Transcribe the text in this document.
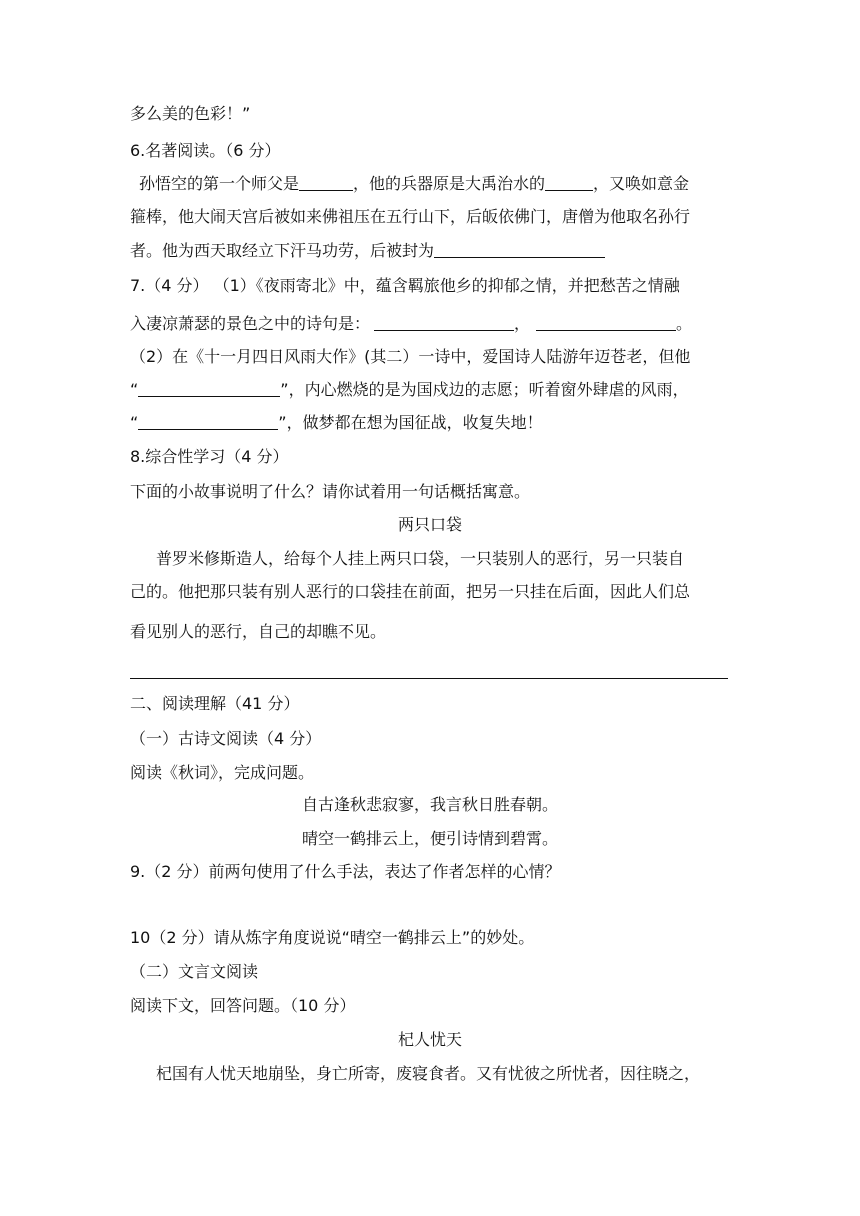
多么美的色彩！”
6.名著阅读。（6 分）
孙悟空的第一个师父是	，他的兵器原是大禹治水的	，又唤如意金
箍棒，他大闹天宫后被如来佛祖压在五行山下，后皈依佛门，唐僧为他取名孙行
者。他为西天取经立下汗马功劳，后被封为
7.（4 分） （1）《夜雨寄北》中，蕴含羁旅他乡的抑郁之情，并把愁苦之情融
入凄凉萧瑟的景色之中的诗句是：	，	。
（2）在《十一月四日风雨大作》(其二）一诗中，爱国诗人陆游年迈苍老，但他
“	”，内心燃烧的是为国戍边的志愿；听着窗外肆虐的风雨，
“	”，做梦都在想为国征战，收复失地！
8.综合性学习（4 分）
下面的小故事说明了什么？请你试着用一句话概括寓意。
两只口袋
普罗米修斯造人，给每个人挂上两只口袋，一只装别人的恶行，另一只装自
己的。他把那只装有别人恶行的口袋挂在前面，把另一只挂在后面，因此人们总
看见别人的恶行，自己的却瞧不见。
二、阅读理解（41 分）
（一）古诗文阅读（4 分）
阅读《秋词》，完成问题。
自古逢秋悲寂寥，我言秋日胜春朝。
晴空一鹤排云上，便引诗情到碧霄。
9.（2 分）前两句使用了什么手法，表达了作者怎样的心情？
10（2 分）请从炼字角度说说“晴空一鹤排云上”的妙处。
（二）文言文阅读
阅读下文，回答问题。（10 分）
杞人忧天
杞国有人忧天地崩坠，身亡所寄，废寝食者。又有忧彼之所忧者，因往晓之，
